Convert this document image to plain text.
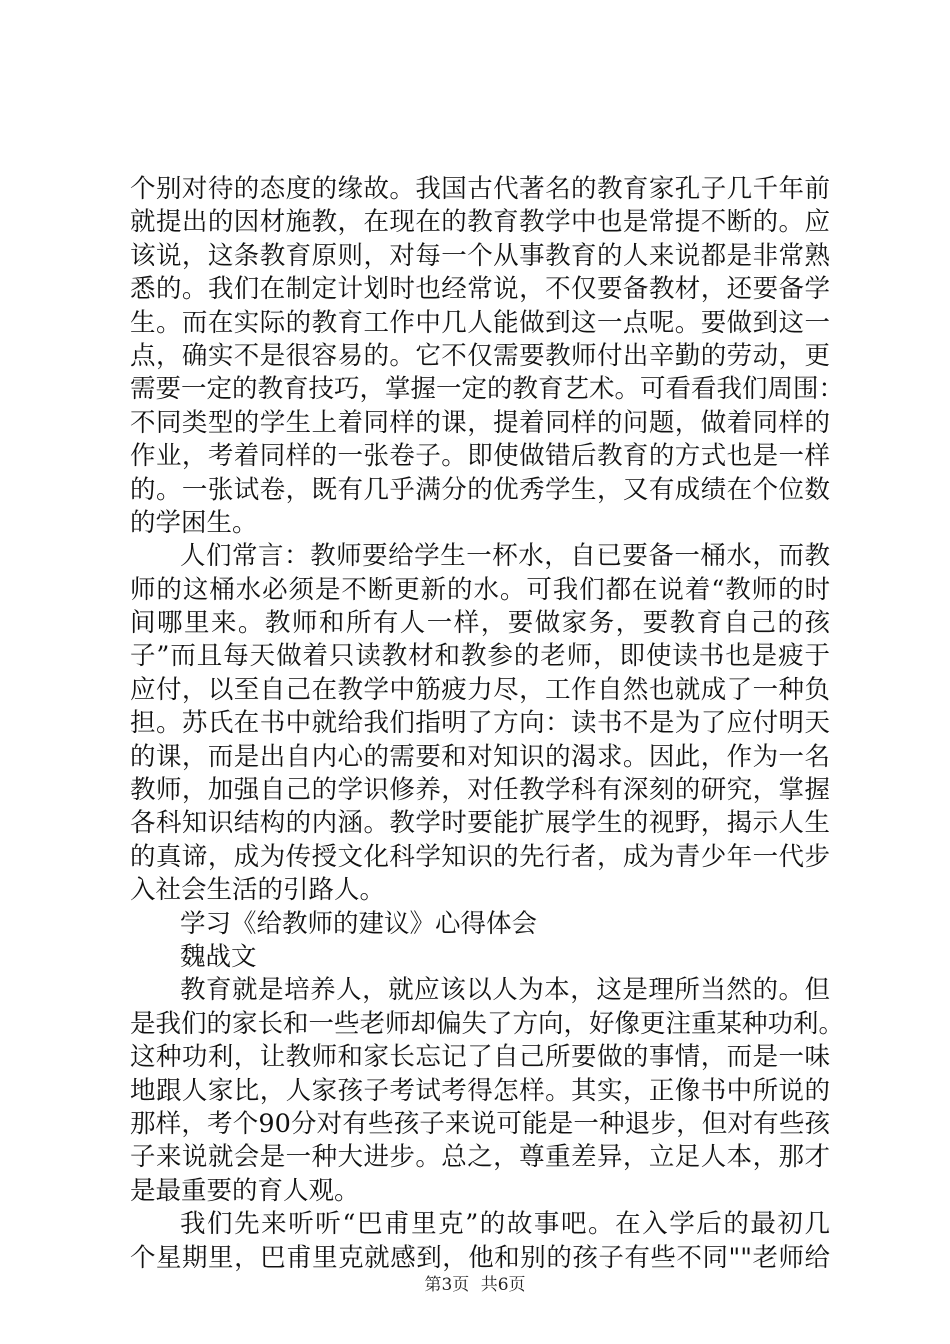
个别对待的态度的缘故。我国古代著名的教育家孔子几千年前
就提出的因材施教，在现在的教育教学中也是常提不断的。应
该说，这条教育原则，对每一个从事教育的人来说都是非常熟
悉的。我们在制定计划时也经常说，不仅要备教材，还要备学
生。而在实际的教育工作中几人能做到这一点呢。要做到这一
点，确实不是很容易的。它不仅需要教师付出辛勤的劳动，更
需要一定的教育技巧，掌握一定的教育艺术。可看看我们周围：
不同类型的学生上着同样的课，提着同样的问题，做着同样的
作业，考着同样的一张卷子。即使做错后教育的方式也是一样
的。一张试卷，既有几乎满分的优秀学生，又有成绩在个位数
的学困生。
人们常言：教师要给学生一杯水，自已要备一桶水，而教
师的这桶水必须是不断更新的水。可我们都在说着“教师的时
间哪里来。教师和所有人一样，要做家务，要教育自己的孩
子”而且每天做着只读教材和教参的老师，即使读书也是疲于
应付，以至自己在教学中筋疲力尽，工作自然也就成了一种负
担。苏氏在书中就给我们指明了方向：读书不是为了应付明天
的课，而是出自内心的需要和对知识的渴求。因此，作为一名
教师，加强自己的学识修养，对任教学科有深刻的研究，掌握
各科知识结构的内涵。教学时要能扩展学生的视野，揭示人生
的真谛，成为传授文化科学知识的先行者，成为青少年一代步
入社会生活的引路人。
学习《给教师的建议》心得体会
魏战文
教育就是培养人，就应该以人为本，这是理所当然的。但
是我们的家长和一些老师却偏失了方向，好像更注重某种功利。
这种功利，让教师和家长忘记了自己所要做的事情，而是一味
地跟人家比，人家孩子考试考得怎样。其实，正像书中所说的
那样，考个90分对有些孩子来说可能是一种退步，但对有些孩
子来说就会是一种大进步。总之，尊重差异，立足人本，那才
是最重要的育人观。
我们先来听听“巴甫里克”的故事吧。在入学后的最初几
个星期里，巴甫里克就感到，他和别的孩子有些不同""老师给
第3页 共6页
